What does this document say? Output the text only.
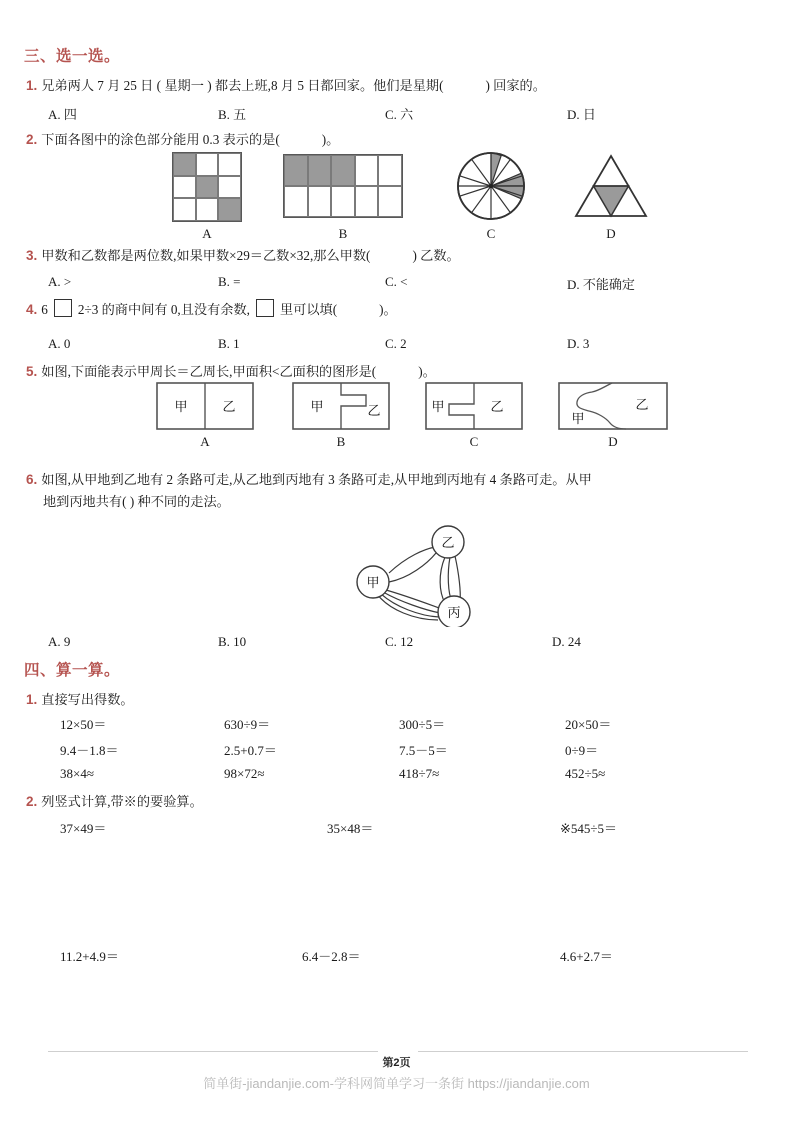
三、选一选。
1. 兄弟两人 7 月 25 日 ( 星期一 ) 都去上班,8 月 5 日都回家。他们是星期(	) 回家的。
A. 四	B. 五	C. 六	D. 日
2. 下面各图中的涂色部分能用 0.3 表示的是(	)。
A	B	C	D
3. 甲数和乙数都是两位数,如果甲数×29＝乙数×32,那么甲数(	) 乙数。
A. >	B. =	C. <	D. 不能确定
4. 6 2÷3 的商中间有 0,且没有余数, 里可以填(	)。
A. 0	B. 1	C. 2	D. 3
5. 如图,下面能表示甲周长＝乙周长,甲面积<乙面积的图形是(	)。
甲	乙
A
甲	乙
B
甲	乙
C
甲
乙
D
6. 如图,从甲地到乙地有 2 条路可走,从乙地到丙地有 3 条路可走,从甲地到丙地有 4 条路可走。从甲
地到丙地共有( ) 种不同的走法。
甲
乙
丙
A. 9	B. 10	C. 12	D. 24
四、算一算。
1. 直接写出得数。
12×50＝	630÷9＝	300÷5＝	20×50＝
9.4－1.8＝	2.5+0.7＝	7.5－5＝	0÷9＝
38×4≈	98×72≈	418÷7≈	452÷5≈
2. 列竖式计算,带※的要验算。
37×49＝	35×48＝	※545÷5＝
11.2+4.9＝	6.4－2.8＝	4.6+2.7＝
第2页
简单街-jiandanjie.com-学科网简单学习一条街 https://jiandanjie.com
